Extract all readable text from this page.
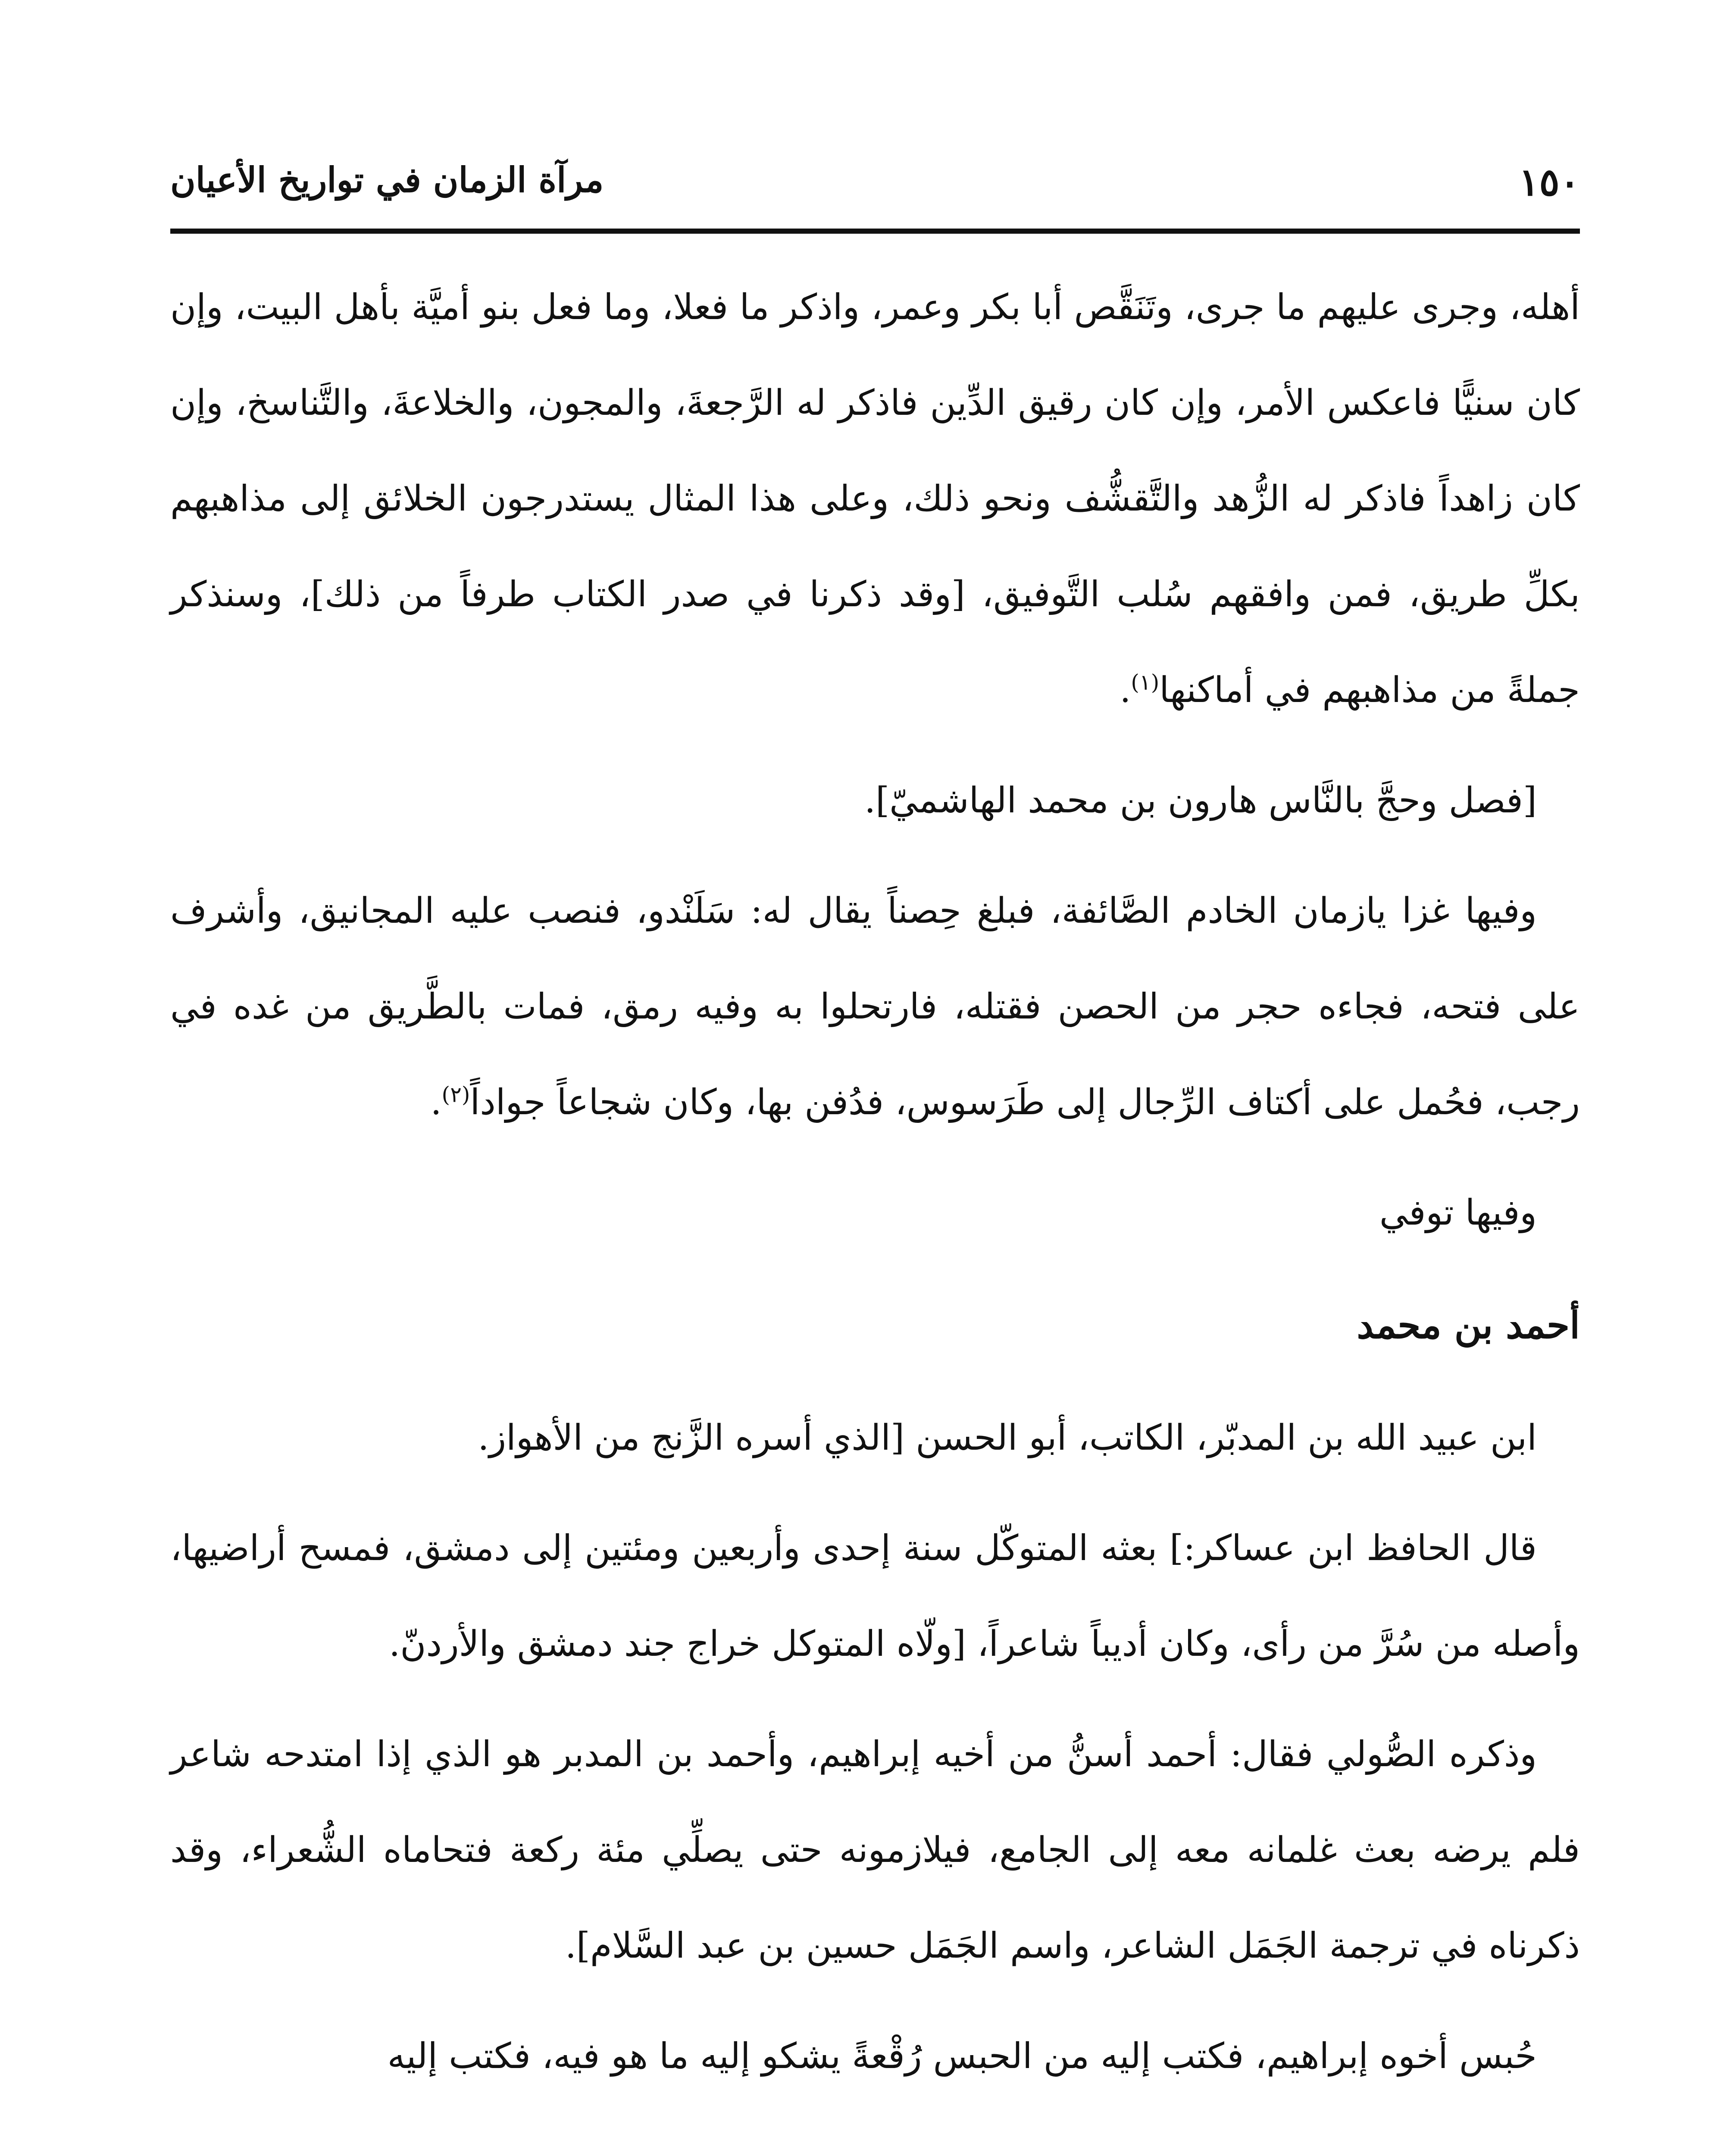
١٥٠
مرآة الزمان في تواريخ الأعيان

أهله، وجرى عليهم ما جرى، وتَنَقَّص أبا بكر وعمر، واذكر ما فعلا، وما فعل بنو أميَّة بأهل البيت، وإن كان سنيًّا فاعكس الأمر، وإن كان رقيق الدِّين فاذكر له الرَّجعةَ، والمجون، والخلاعةَ، والتَّناسخ، وإن كان زاهداً فاذكر له الزُّهد والتَّقشُّف ونحو ذلك، وعلى هذا المثال يستدرجون الخلائق إلى مذاهبهم بكلِّ طريق، فمن وافقهم سُلب التَّوفيق، [وقد ذكرنا في صدر الكتاب طرفاً من ذلك]، وسنذكر جملةً من مذاهبهم في أماكنها$^{(١)}$.

[فصل وحجَّ بالنَّاس هارون بن محمد الهاشميّ].

وفيها غزا يازمان الخادم الصَّائفة، فبلغ حِصناً يقال له: سَلَنْدو، فنصب عليه المجانيق، وأشرف على فتحه، فجاءه حجر من الحصن فقتله، فارتحلوا به وفيه رمق، فمات بالطَّريق من غده في رجب، فحُمل على أكتاف الرِّجال إلى طَرَسوس، فدُفن بها، وكان شجاعاً جواداً$^{(٢)}$.

وفيها توفي

أحمد بن محمد

ابن عبيد الله بن المدبّر، الكاتب، أبو الحسن [الذي أسره الزَّنج من الأهواز.

قال الحافظ ابن عساكر:] بعثه المتوكّل سنة إحدى وأربعين ومئتين إلى دمشق، فمسح أراضيها، وأصله من سُرَّ من رأى، وكان أديباً شاعراً، [ولّاه المتوكل خراج جند دمشق والأردنّ.

وذكره الصُّولي فقال: أحمد أسنُّ من أخيه إبراهيم، وأحمد بن المدبر هو الذي إذا امتدحه شاعر فلم يرضه بعث غلمانه معه إلى الجامع، فيلازمونه حتى يصلِّي مئة ركعة فتحاماه الشُّعراء، وقد ذكرناه في ترجمة الجَمَل الشاعر، واسم الجَمَل حسين بن عبد السَّلام].

حُبس أخوه إبراهيم، فكتب إليه من الحبس رُقْعةً يشكو إليه ما هو فيه، فكتب إليه
